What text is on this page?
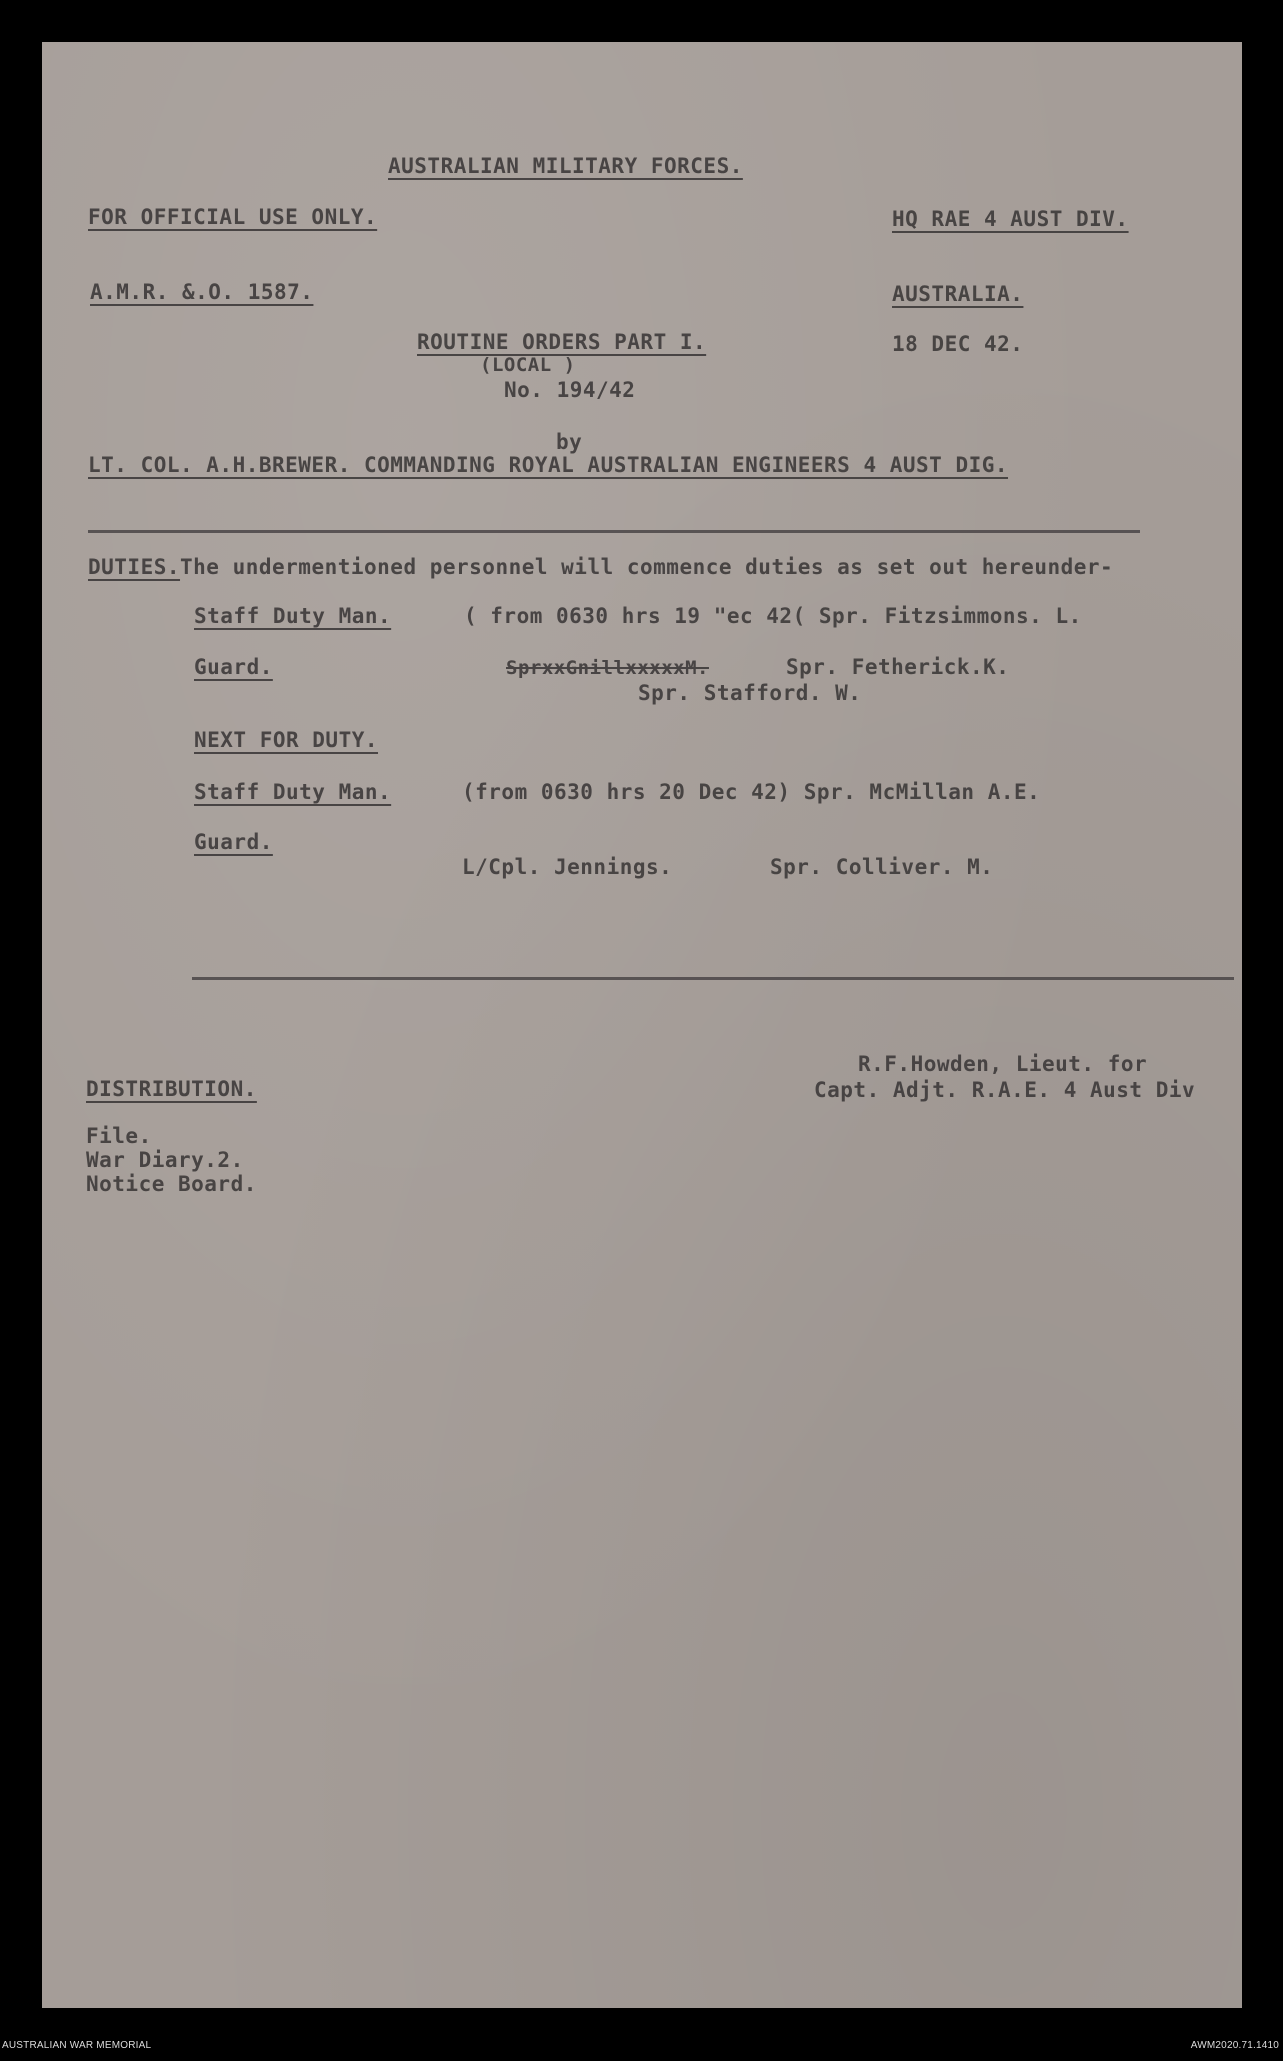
AUSTRALIAN MILITARY FORCES.
FOR OFFICIAL USE ONLY.	HQ RAE 4 AUST DIV.
A.M.R. &.O. 1587.	AUSTRALIA.
ROUTINE ORDERS PART I.
(LOCAL )
No. 194/42
18 DEC 42.
by
LT. COL. A.H.BREWER. COMMANDING ROYAL AUSTRALIAN ENGINEERS 4 AUST DIG.
DUTIES.The undermentioned personnel will commence duties as set out hereunder-
Staff Duty Man.	( from 0630 hrs 19 "ec 42( Spr. Fitzsimmons. L.
Guard.	SprxxGnillxxxxxM.	Spr. Fetherick.K.
Spr. Stafford. W.
NEXT FOR DUTY.
Staff Duty Man.	(from 0630 hrs 20 Dec 42) Spr. McMillan A.E.
Guard.
L/Cpl. Jennings.	Spr. Colliver. M.
R.F.Howden, Lieut. for
Capt. Adjt. R.A.E. 4 Aust Div
DISTRIBUTION.
File.
War Diary.2.
Notice Board.
AUSTRALIAN WAR MEMORIAL	AWM2020.71.1410
